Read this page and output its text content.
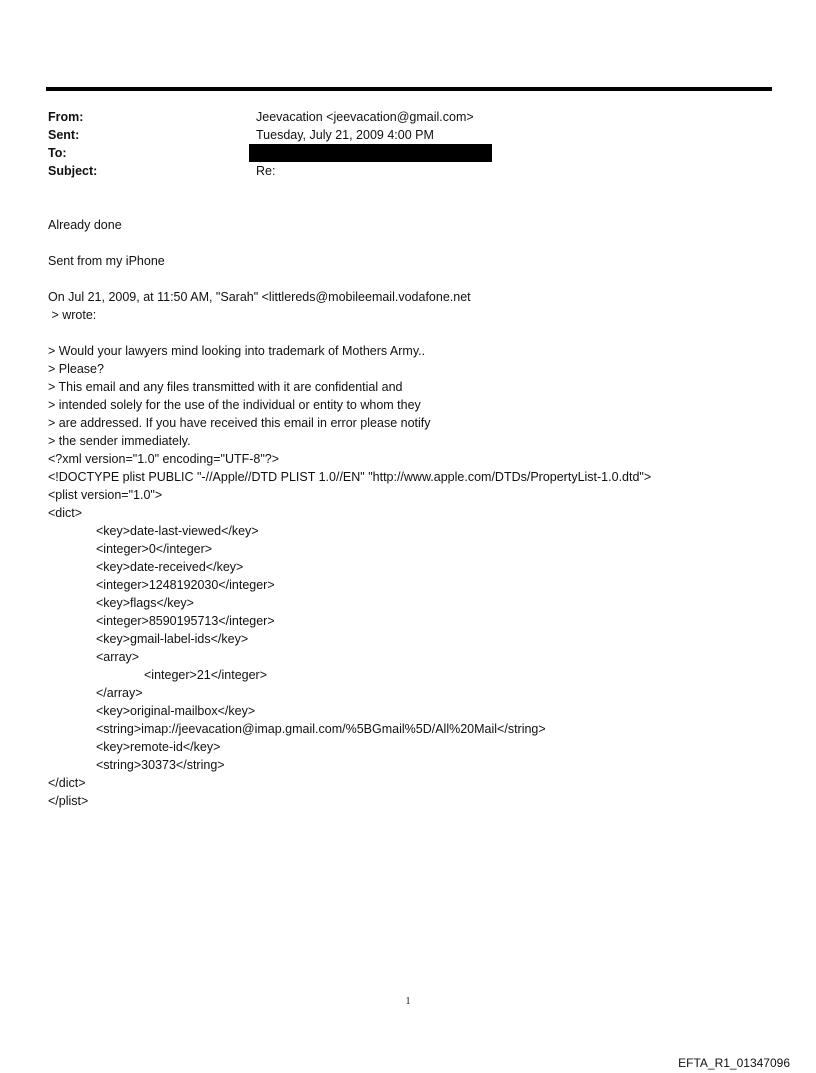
From:	Jeevacation <jeevacation@gmail.com>
Sent:	Tuesday, July 21, 2009 4:00 PM
To:
Subject:	Re:
Already done
Sent from my iPhone
On Jul 21, 2009, at 11:50 AM, "Sarah" <littlereds@mobileemail.vodafone.net
> wrote:
> Would your lawyers mind looking into trademark of Mothers Army..
> Please?
> This email and any files transmitted with it are confidential and
> intended solely for the use of the individual or entity to whom they
> are addressed. If you have received this email in error please notify
> the sender immediately.
<?xml version="1.0" encoding="UTF-8"?>
<!DOCTYPE plist PUBLIC "-//Apple//DTD PLIST 1.0//EN" "http://www.apple.com/DTDs/PropertyList-1.0.dtd">
<plist version="1.0">
<dict>
<key>date-last-viewed</key>
<integer>0</integer>
<key>date-received</key>
<integer>1248192030</integer>
<key>flags</key>
<integer>8590195713</integer>
<key>gmail-label-ids</key>
<array>
<integer>21</integer>
</array>
<key>original-mailbox</key>
<string>imap://jeevacation@imap.gmail.com/%5BGmail%5D/All%20Mail</string>
<key>remote-id</key>
<string>30373</string>
</dict>
</plist>
1
EFTA_R1_01347096
